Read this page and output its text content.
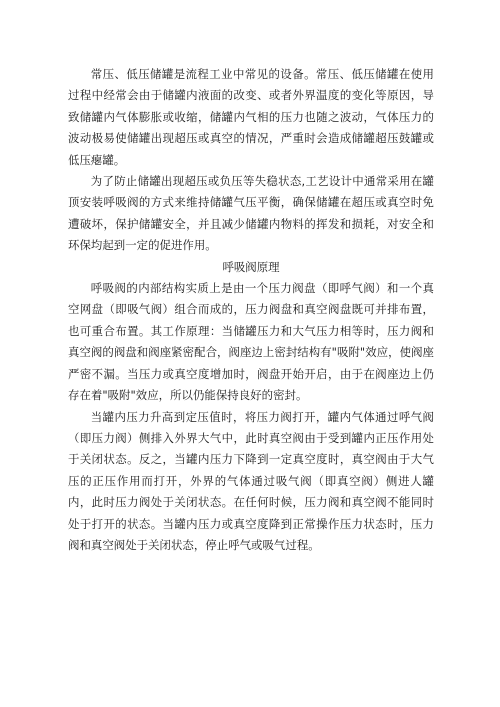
常压、低压储罐是流程工业中常见的设备。常压、低压储罐在使用过程中经常会由于储罐内液面的改变、或者外界温度的变化等原因，导致储罐内气体膨胀或收缩，储罐内气相的压力也随之波动，气体压力的波动极易使储罐出现超压或真空的情况，严重时会造成储罐超压鼓罐或低压瘪罐。

为了防止储罐出现超压或负压等失稳状态,工艺设计中通常采用在罐顶安装呼吸阀的方式来维持储罐气压平衡，确保储罐在超压或真空时免遭破坏，保护储罐安全，并且减少储罐内物料的挥发和损耗，对安全和环保均起到一定的促进作用。

呼吸阀原理

呼吸阀的内部结构实质上是由一个压力阀盘（即呼气阀）和一个真空网盘（即吸气阀）组合而成的，压力阀盘和真空阀盘既可并排布置，也可重合布置。其工作原理：当储罐压力和大气压力相等时，压力阀和真空阀的阀盘和阀座紧密配合，阀座边上密封结构有"吸附"效应，使阀座严密不漏。当压力或真空度增加时，阀盘开始开启，由于在阀座边上仍存在着"吸附"效应，所以仍能保持良好的密封。

当罐内压力升高到定压值时，将压力阀打开，罐内气体通过呼气阀（即压力阀）侧排入外界大气中，此时真空阀由于受到罐内正压作用处于关闭状态。反之，当罐内压力下降到一定真空度时，真空阀由于大气压的正压作用而打开，外界的气体通过吸气阀（即真空阀）侧进人罐内，此时压力阀处于关闭状态。在任何时候，压力阀和真空阀不能同时处于打开的状态。当罐内压力或真空度降到正常操作压力状态时，压力阀和真空阀处于关闭状态，停止呼气或吸气过程。
